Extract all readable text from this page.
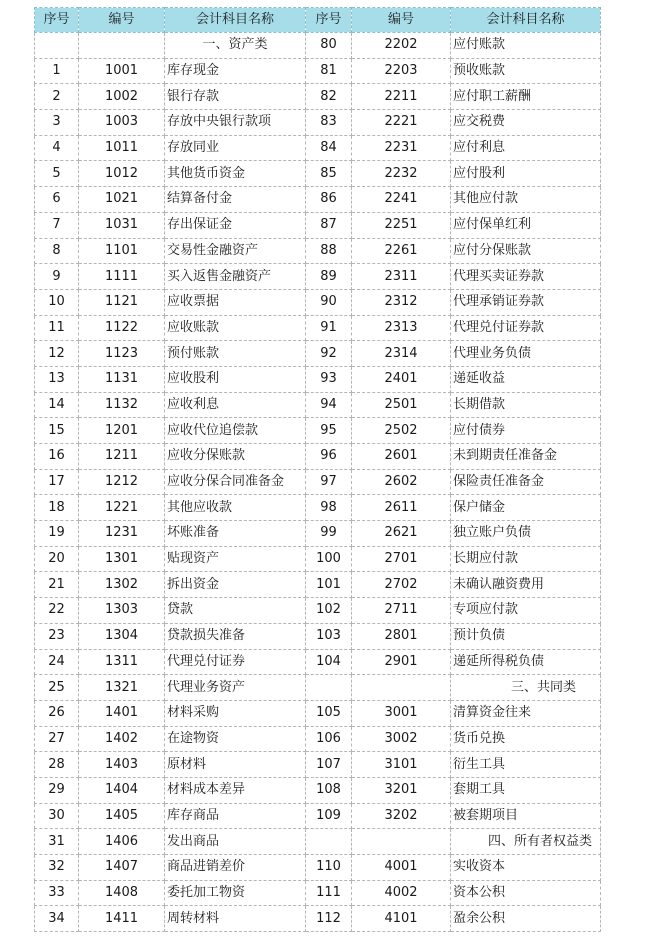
序号	编号	会计科目名称	序号	编号	会计科目名称
		一、资产类	80	2202	应付账款
1	1001	库存现金	81	2203	预收账款
2	1002	银行存款	82	2211	应付职工薪酬
3	1003	存放中央银行款项	83	2221	应交税费
4	1011	存放同业	84	2231	应付利息
5	1012	其他货币资金	85	2232	应付股利
6	1021	结算备付金	86	2241	其他应付款
7	1031	存出保证金	87	2251	应付保单红利
8	1101	交易性金融资产	88	2261	应付分保账款
9	1111	买入返售金融资产	89	2311	代理买卖证券款
10	1121	应收票据	90	2312	代理承销证券款
11	1122	应收账款	91	2313	代理兑付证券款
12	1123	预付账款	92	2314	代理业务负债
13	1131	应收股利	93	2401	递延收益
14	1132	应收利息	94	2501	长期借款
15	1201	应收代位追偿款	95	2502	应付债券
16	1211	应收分保账款	96	2601	未到期责任准备金
17	1212	应收分保合同准备金	97	2602	保险责任准备金
18	1221	其他应收款	98	2611	保户储金
19	1231	坏账准备	99	2621	独立账户负债
20	1301	贴现资产	100	2701	长期应付款
21	1302	拆出资金	101	2702	未确认融资费用
22	1303	贷款	102	2711	专项应付款
23	1304	贷款损失准备	103	2801	预计负债
24	1311	代理兑付证券	104	2901	递延所得税负债
25	1321	代理业务资产			三、共同类
26	1401	材料采购	105	3001	清算资金往来
27	1402	在途物资	106	3002	货币兑换
28	1403	原材料	107	3101	衍生工具
29	1404	材料成本差异	108	3201	套期工具
30	1405	库存商品	109	3202	被套期项目
31	1406	发出商品			四、所有者权益类
32	1407	商品进销差价	110	4001	实收资本
33	1408	委托加工物资	111	4002	资本公积
34	1411	周转材料	112	4101	盈余公积
